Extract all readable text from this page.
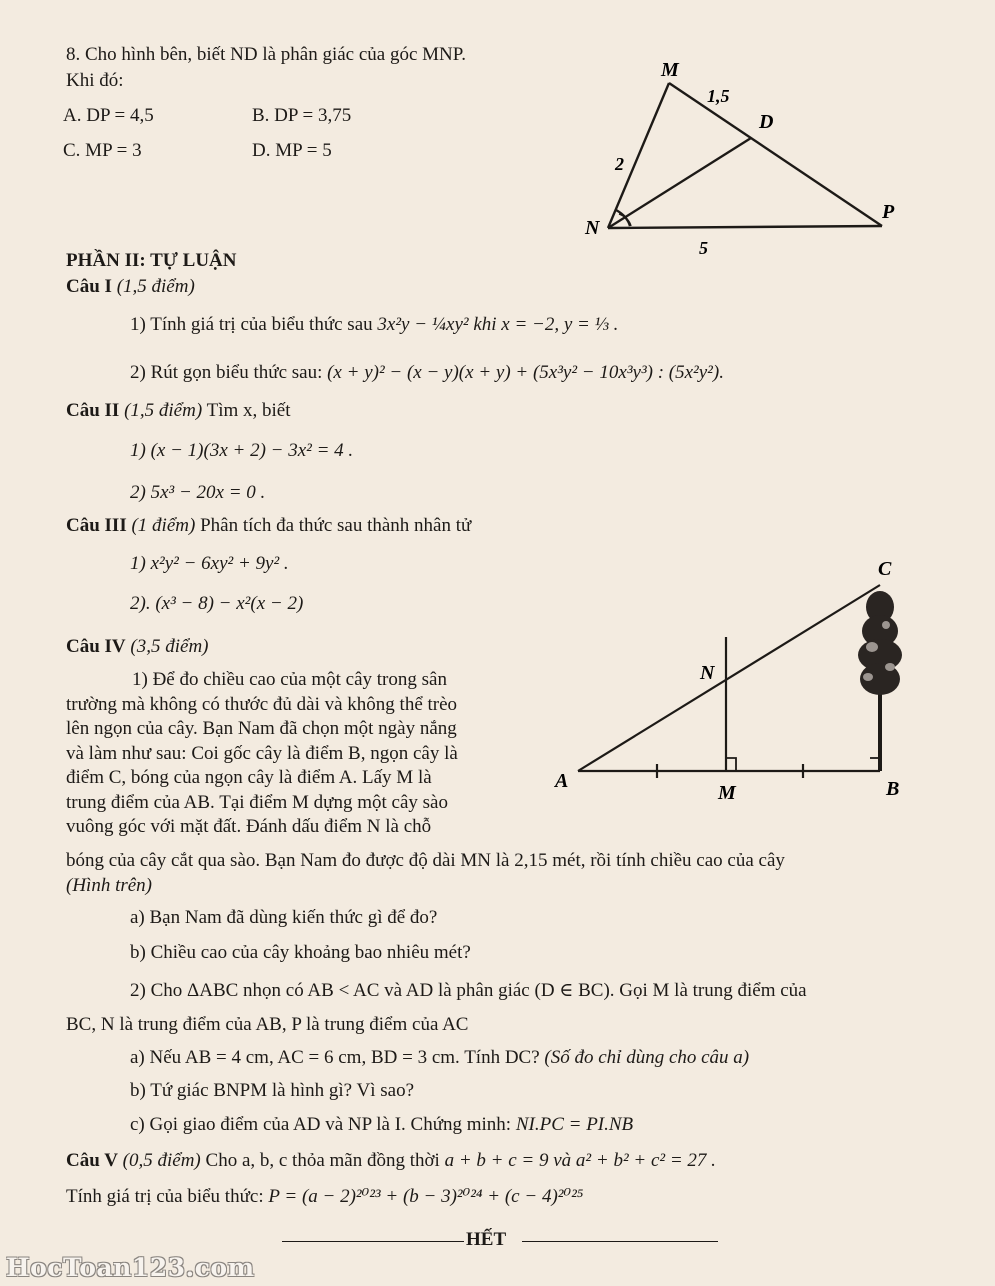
8. Cho hình bên, biết ND là phân giác của góc MNP.
Khi đó:
A. DP = 4,5	B. DP = 3,75
C. MP = 3	D. MP = 5
M
D
N
P
1,5
2
5
PHẦN II: TỰ LUẬN
Câu I (1,5 điểm)
1) Tính giá trị của biểu thức sau 3x²y − ¼xy² khi x = −2, y = ⅓ .
2) Rút gọn biểu thức sau: (x + y)² − (x − y)(x + y) + (5x³y² − 10x³y³) : (5x²y²).
Câu II (1,5 điểm) Tìm x, biết
1) (x − 1)(3x + 2) − 3x² = 4 .
2) 5x³ − 20x = 0 .
Câu III (1 điểm) Phân tích đa thức sau thành nhân tử
1) x²y² − 6xy² + 9y² .
2). (x³ − 8) − x²(x − 2)
Câu IV (3,5 điểm)
1) Để đo chiều cao của một cây trong sân
trường mà không có thước đủ dài và không thể trèo
lên ngọn của cây. Bạn Nam đã chọn một ngày nắng
và làm như sau: Coi gốc cây là điểm B, ngọn cây là
điểm C, bóng của ngọn cây là điểm A. Lấy M là
trung điểm của AB. Tại điểm M dựng một cây sào
vuông góc với mặt đất. Đánh dấu điểm N là chỗ
bóng của cây cắt qua sào. Bạn Nam đo được độ dài MN là 2,15 mét, rồi tính chiều cao của cây
(Hình trên)
A
M	B
N
C
a) Bạn Nam đã dùng kiến thức gì để đo?
b) Chiều cao của cây khoảng bao nhiêu mét?
2) Cho ΔABC nhọn có AB < AC và AD là phân giác (D ∈ BC). Gọi M là trung điểm của
BC, N là trung điểm của AB, P là trung điểm của AC
a) Nếu AB = 4 cm, AC = 6 cm, BD = 3 cm. Tính DC? (Số đo chỉ dùng cho câu a)
b) Tứ giác BNPM là hình gì? Vì sao?
c) Gọi giao điểm của AD và NP là I. Chứng minh: NI.PC = PI.NB
Câu V (0,5 điểm) Cho a, b, c thỏa mãn đồng thời a + b + c = 9 và a² + b² + c² = 27 .
Tính giá trị của biểu thức: P = (a − 2)²⁰²³ + (b − 3)²⁰²⁴ + (c − 4)²⁰²⁵
HẾT
HocToan123.com
